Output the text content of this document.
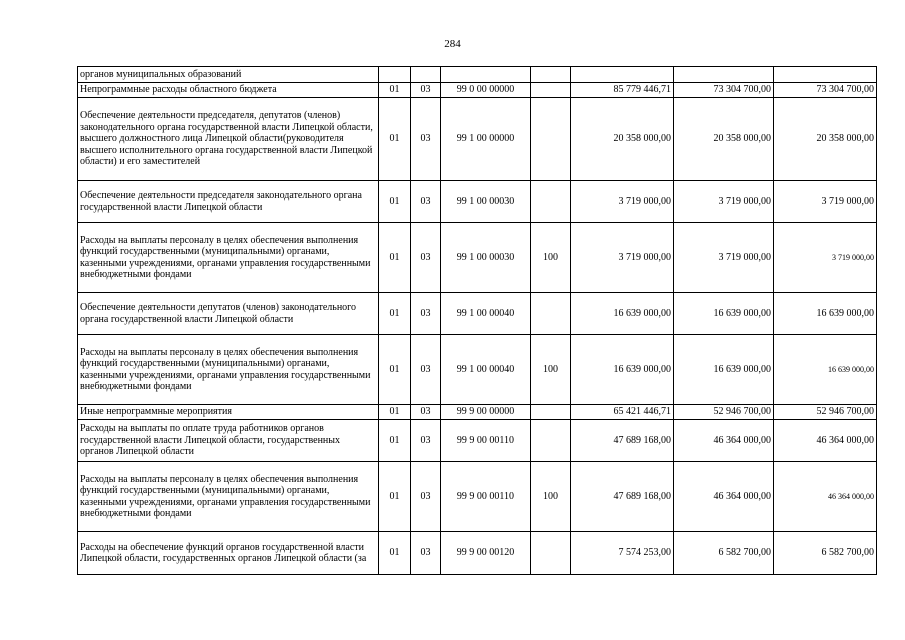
284
органов муниципальных образований							
Непрограммные расходы областного бюджета	01	03	99 0 00 00000		85 779 446,71	73 304 700,00	73 304 700,00
Обеспечение деятельности председателя, депутатов (членов) законодательного органа государственной власти Липецкой области, высшего должностного лица Липецкой области(руководителя высшего исполнительного органа государственной власти Липецкой области) и его заместителей	01	03	99 1 00 00000		20 358 000,00	20 358 000,00	20 358 000,00
Обеспечение деятельности председателя законодательного органа государственной власти Липецкой области	01	03	99 1 00 00030		3 719 000,00	3 719 000,00	3 719 000,00
Расходы на выплаты персоналу в целях обеспечения выполнения функций государственными (муниципальными) органами, казенными учреждениями, органами управления государственными внебюджетными фондами	01	03	99 1 00 00030	100	3 719 000,00	3 719 000,00	3 719 000,00
Обеспечение деятельности депутатов (членов) законодательного органа государственной власти Липецкой области	01	03	99 1 00 00040		16 639 000,00	16 639 000,00	16 639 000,00
Расходы на выплаты персоналу в целях обеспечения выполнения функций государственными (муниципальными) органами, казенными учреждениями, органами управления государственными внебюджетными фондами	01	03	99 1 00 00040	100	16 639 000,00	16 639 000,00	16 639 000,00
Иные непрограммные мероприятия	01	03	99 9 00 00000		65 421 446,71	52 946 700,00	52 946 700,00
Расходы на выплаты по оплате труда работников органов государственной власти Липецкой области, государственных органов Липецкой области	01	03	99 9 00 00110		47 689 168,00	46 364 000,00	46 364 000,00
Расходы на выплаты персоналу в целях обеспечения выполнения функций государственными (муниципальными) органами, казенными учреждениями, органами управления государственными внебюджетными фондами	01	03	99 9 00 00110	100	47 689 168,00	46 364 000,00	46 364 000,00
Расходы на обеспечение функций органов государственной власти Липецкой области, государственных органов Липецкой области (за	01	03	99 9 00 00120		7 574 253,00	6 582 700,00	6 582 700,00
